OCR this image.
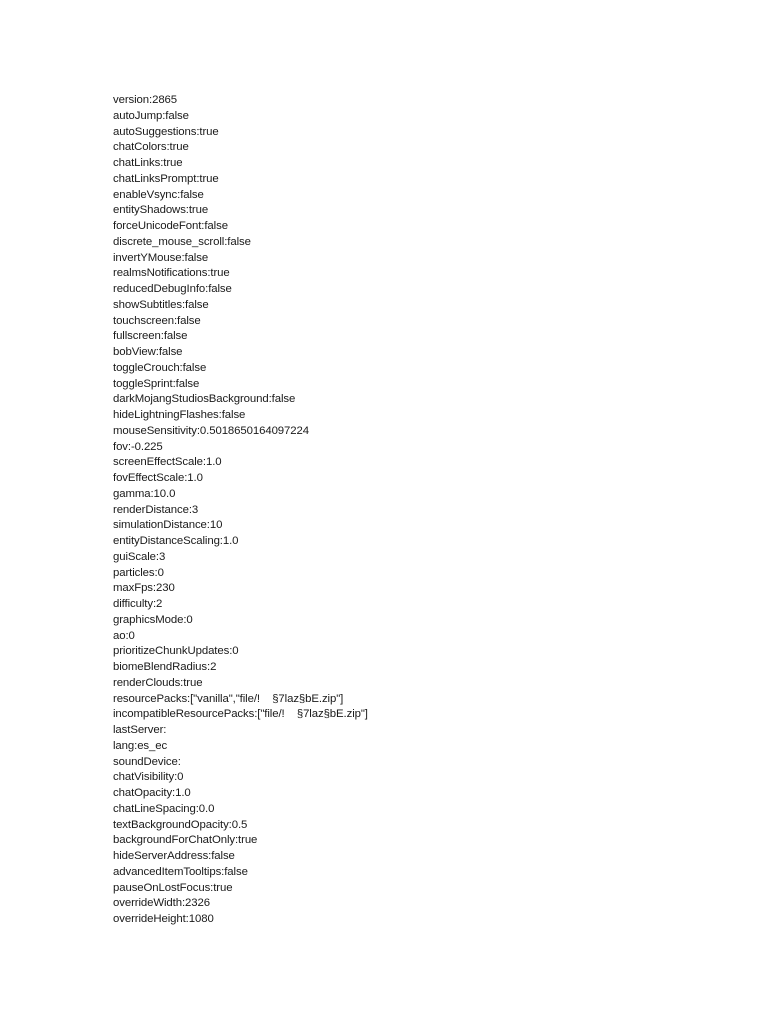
version:2865
autoJump:false
autoSuggestions:true
chatColors:true
chatLinks:true
chatLinksPrompt:true
enableVsync:false
entityShadows:true
forceUnicodeFont:false
discrete_mouse_scroll:false
invertYMouse:false
realmsNotifications:true
reducedDebugInfo:false
showSubtitles:false
touchscreen:false
fullscreen:false
bobView:false
toggleCrouch:false
toggleSprint:false
darkMojangStudiosBackground:false
hideLightningFlashes:false
mouseSensitivity:0.5018650164097224
fov:-0.225
screenEffectScale:1.0
fovEffectScale:1.0
gamma:10.0
renderDistance:3
simulationDistance:10
entityDistanceScaling:1.0
guiScale:3
particles:0
maxFps:230
difficulty:2
graphicsMode:0
ao:0
prioritizeChunkUpdates:0
biomeBlendRadius:2
renderClouds:true
resourcePacks:["vanilla","file/!    §7laz§bE.zip"]
incompatibleResourcePacks:["file/!    §7laz§bE.zip"]
lastServer:
lang:es_ec
soundDevice:
chatVisibility:0
chatOpacity:1.0
chatLineSpacing:0.0
textBackgroundOpacity:0.5
backgroundForChatOnly:true
hideServerAddress:false
advancedItemTooltips:false
pauseOnLostFocus:true
overrideWidth:2326
overrideHeight:1080
